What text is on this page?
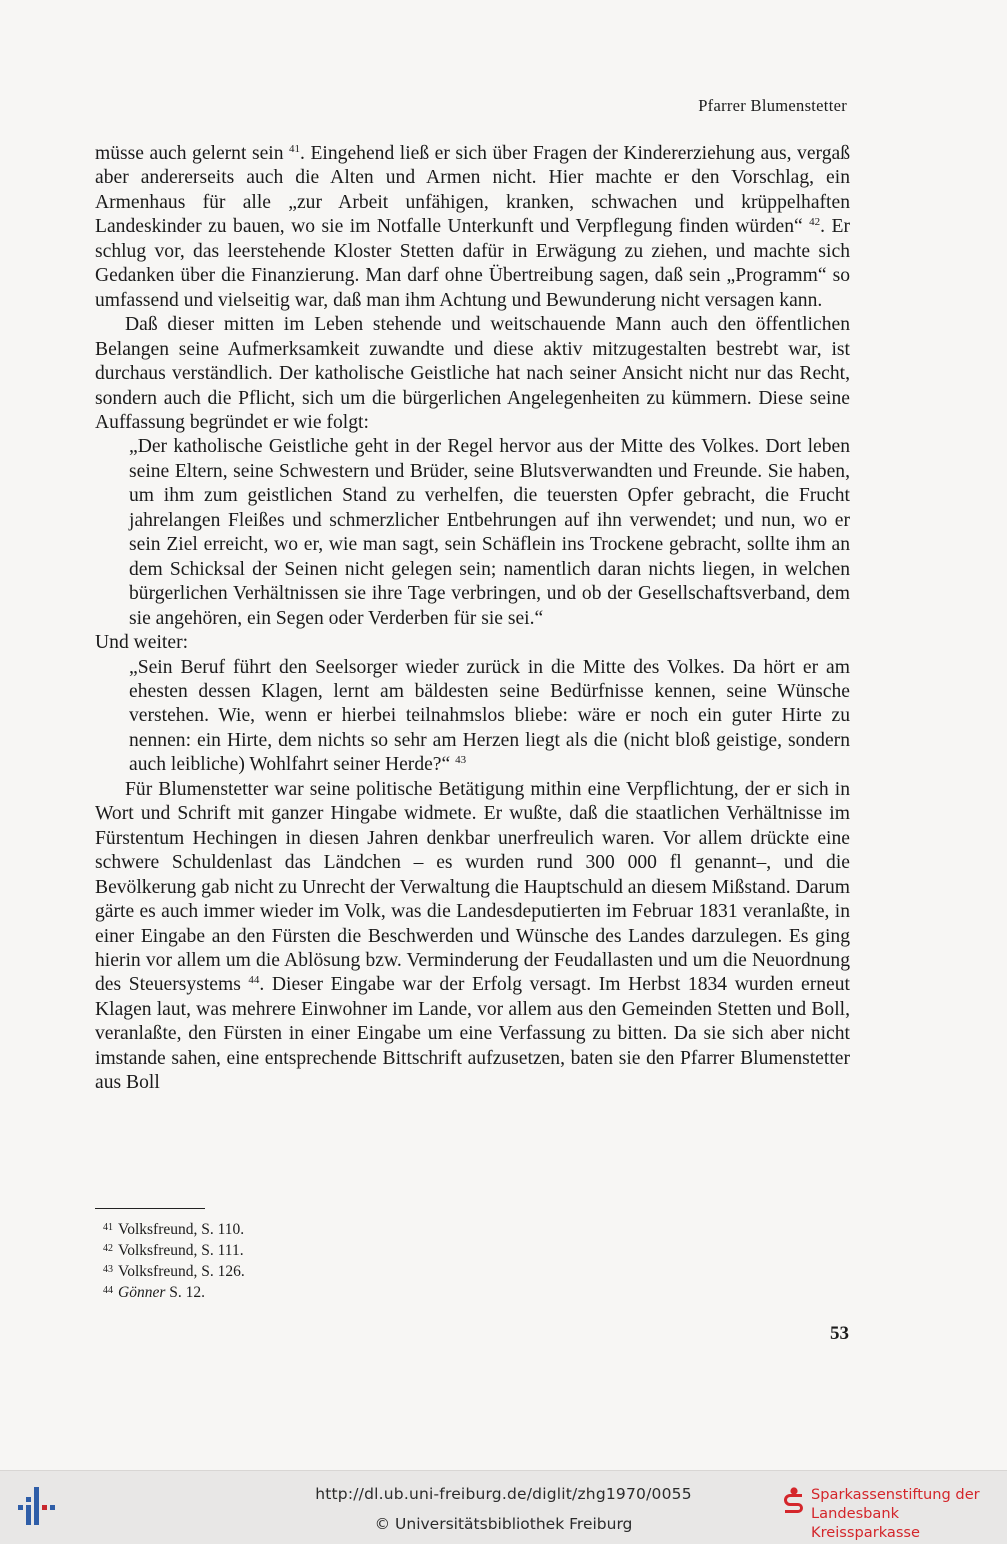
Pfarrer Blumenstetter

müsse auch gelernt sein $^{41}$. Eingehend ließ er sich über Fragen der Kindererziehung aus, vergaß aber andererseits auch die Alten und Armen nicht. Hier machte er den Vorschlag, ein Armenhaus für alle „zur Arbeit unfähigen, kranken, schwachen und krüppelhaften Landeskinder zu bauen, wo sie im Notfalle Unterkunft und Verpflegung finden würden“ $^{42}$. Er schlug vor, das leerstehende Kloster Stetten dafür in Erwägung zu ziehen, und machte sich Gedanken über die Finanzierung. Man darf ohne Übertreibung sagen, daß sein „Programm“ so umfassend und vielseitig war, daß man ihm Achtung und Bewunderung nicht versagen kann.

Daß dieser mitten im Leben stehende und weitschauende Mann auch den öffentlichen Belangen seine Aufmerksamkeit zuwandte und diese aktiv mitzugestalten bestrebt war, ist durchaus verständlich. Der katholische Geistliche hat nach seiner Ansicht nicht nur das Recht, sondern auch die Pflicht, sich um die bürgerlichen Angelegenheiten zu kümmern. Diese seine Auffassung begründet er wie folgt:

„Der katholische Geistliche geht in der Regel hervor aus der Mitte des Volkes. Dort leben seine Eltern, seine Schwestern und Brüder, seine Blutsverwandten und Freunde. Sie haben, um ihm zum geistlichen Stand zu verhelfen, die teuersten Opfer gebracht, die Frucht jahrelangen Fleißes und schmerzlicher Entbehrungen auf ihn verwendet; und nun, wo er sein Ziel erreicht, wo er, wie man sagt, sein Schäflein ins Trockene gebracht, sollte ihm an dem Schicksal der Seinen nicht gelegen sein; namentlich daran nichts liegen, in welchen bürgerlichen Verhältnissen sie ihre Tage verbringen, und ob der Gesellschaftsverband, dem sie angehören, ein Segen oder Verderben für sie sei.“

Und weiter:

„Sein Beruf führt den Seelsorger wieder zurück in die Mitte des Volkes. Da hört er am ehesten dessen Klagen, lernt am bäldesten seine Bedürfnisse kennen, seine Wünsche verstehen. Wie, wenn er hierbei teilnahmslos bliebe: wäre er noch ein guter Hirte zu nennen: ein Hirte, dem nichts so sehr am Herzen liegt als die (nicht bloß geistige, sondern auch leibliche) Wohlfahrt seiner Herde?“ $^{43}$

Für Blumenstetter war seine politische Betätigung mithin eine Verpflichtung, der er sich in Wort und Schrift mit ganzer Hingabe widmete. Er wußte, daß die staatlichen Verhältnisse im Fürstentum Hechingen in diesen Jahren denkbar unerfreulich waren. Vor allem drückte eine schwere Schuldenlast das Ländchen – es wurden rund 300 000 fl genannt–, und die Bevölkerung gab nicht zu Unrecht der Verwaltung die Hauptschuld an diesem Mißstand. Darum gärte es auch immer wieder im Volk, was die Landesdeputierten im Februar 1831 veranlaßte, in einer Eingabe an den Fürsten die Beschwerden und Wünsche des Landes darzulegen. Es ging hierin vor allem um die Ablösung bzw. Verminderung der Feudallasten und um die Neuordnung des Steuersystems $^{44}$. Dieser Eingabe war der Erfolg versagt. Im Herbst 1834 wurden erneut Klagen laut, was mehrere Einwohner im Lande, vor allem aus den Gemeinden Stetten und Boll, veranlaßte, den Fürsten in einer Eingabe um eine Verfassung zu bitten. Da sie sich aber nicht imstande sahen, eine entsprechende Bittschrift aufzusetzen, baten sie den Pfarrer Blumenstetter aus Boll

$^{41}$ Volksfreund, S. 110.
$^{42}$ Volksfreund, S. 111.
$^{43}$ Volksfreund, S. 126.
$^{44}$ Gönner S. 12.
53
http://dl.ub.uni-freiburg.de/diglit/zhg1970/0055
© Universitätsbibliothek Freiburg
Sparkassenstiftung der
Landesbank Kreissparkasse
